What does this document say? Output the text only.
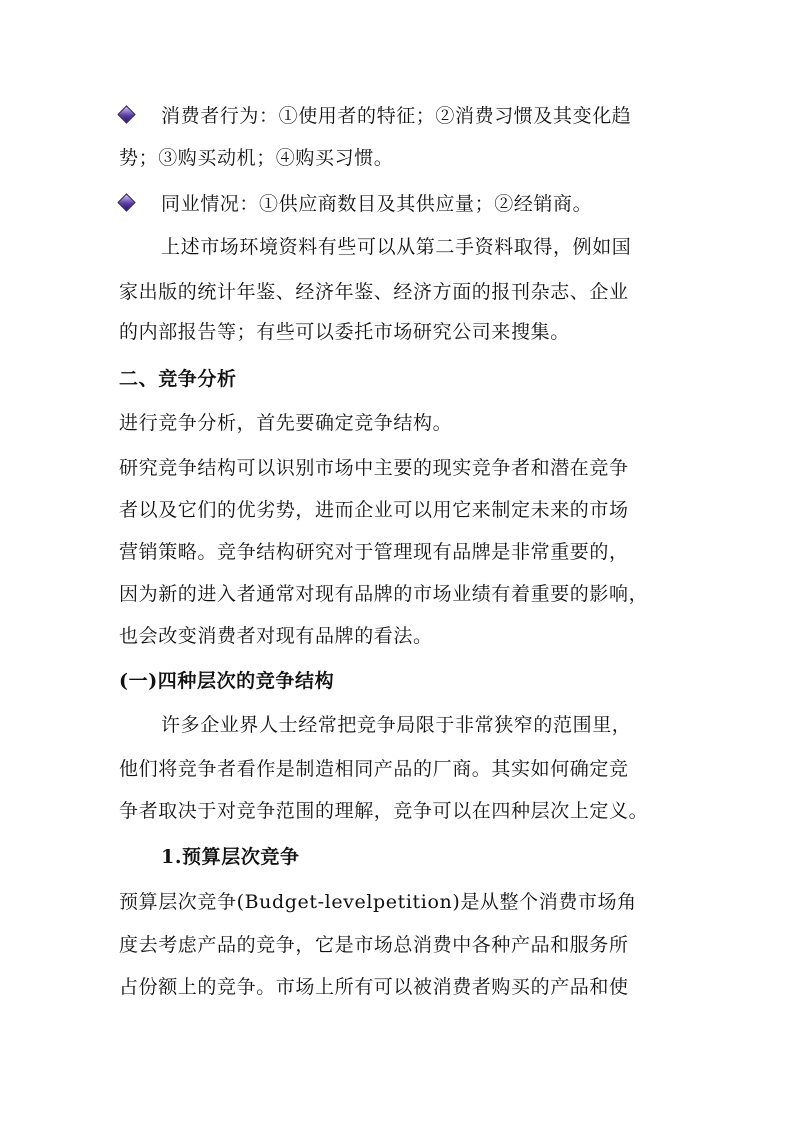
消费者行为：①使用者的特征；②消费习惯及其变化趋
势；③购买动机；④购买习惯。
同业情况：①供应商数目及其供应量；②经销商。
上述市场环境资料有些可以从第二手资料取得，例如国
家出版的统计年鉴、经济年鉴、经济方面的报刊杂志、企业
的内部报告等；有些可以委托市场研究公司来搜集。
二、竞争分析
进行竞争分析，首先要确定竞争结构。
研究竞争结构可以识别市场中主要的现实竞争者和潜在竞争
者以及它们的优劣势，进而企业可以用它来制定未来的市场
营销策略。竞争结构研究对于管理现有品牌是非常重要的，
因为新的进入者通常对现有品牌的市场业绩有着重要的影响，
也会改变消费者对现有品牌的看法。
(一)四种层次的竞争结构
许多企业界人士经常把竞争局限于非常狭窄的范围里，
他们将竞争者看作是制造相同产品的厂商。其实如何确定竞
争者取决于对竞争范围的理解，竞争可以在四种层次上定义。
1.预算层次竞争
预算层次竞争(Budget-levelpetition)是从整个消费市场角
度去考虑产品的竞争，它是市场总消费中各种产品和服务所
占份额上的竞争。市场上所有可以被消费者购买的产品和使
